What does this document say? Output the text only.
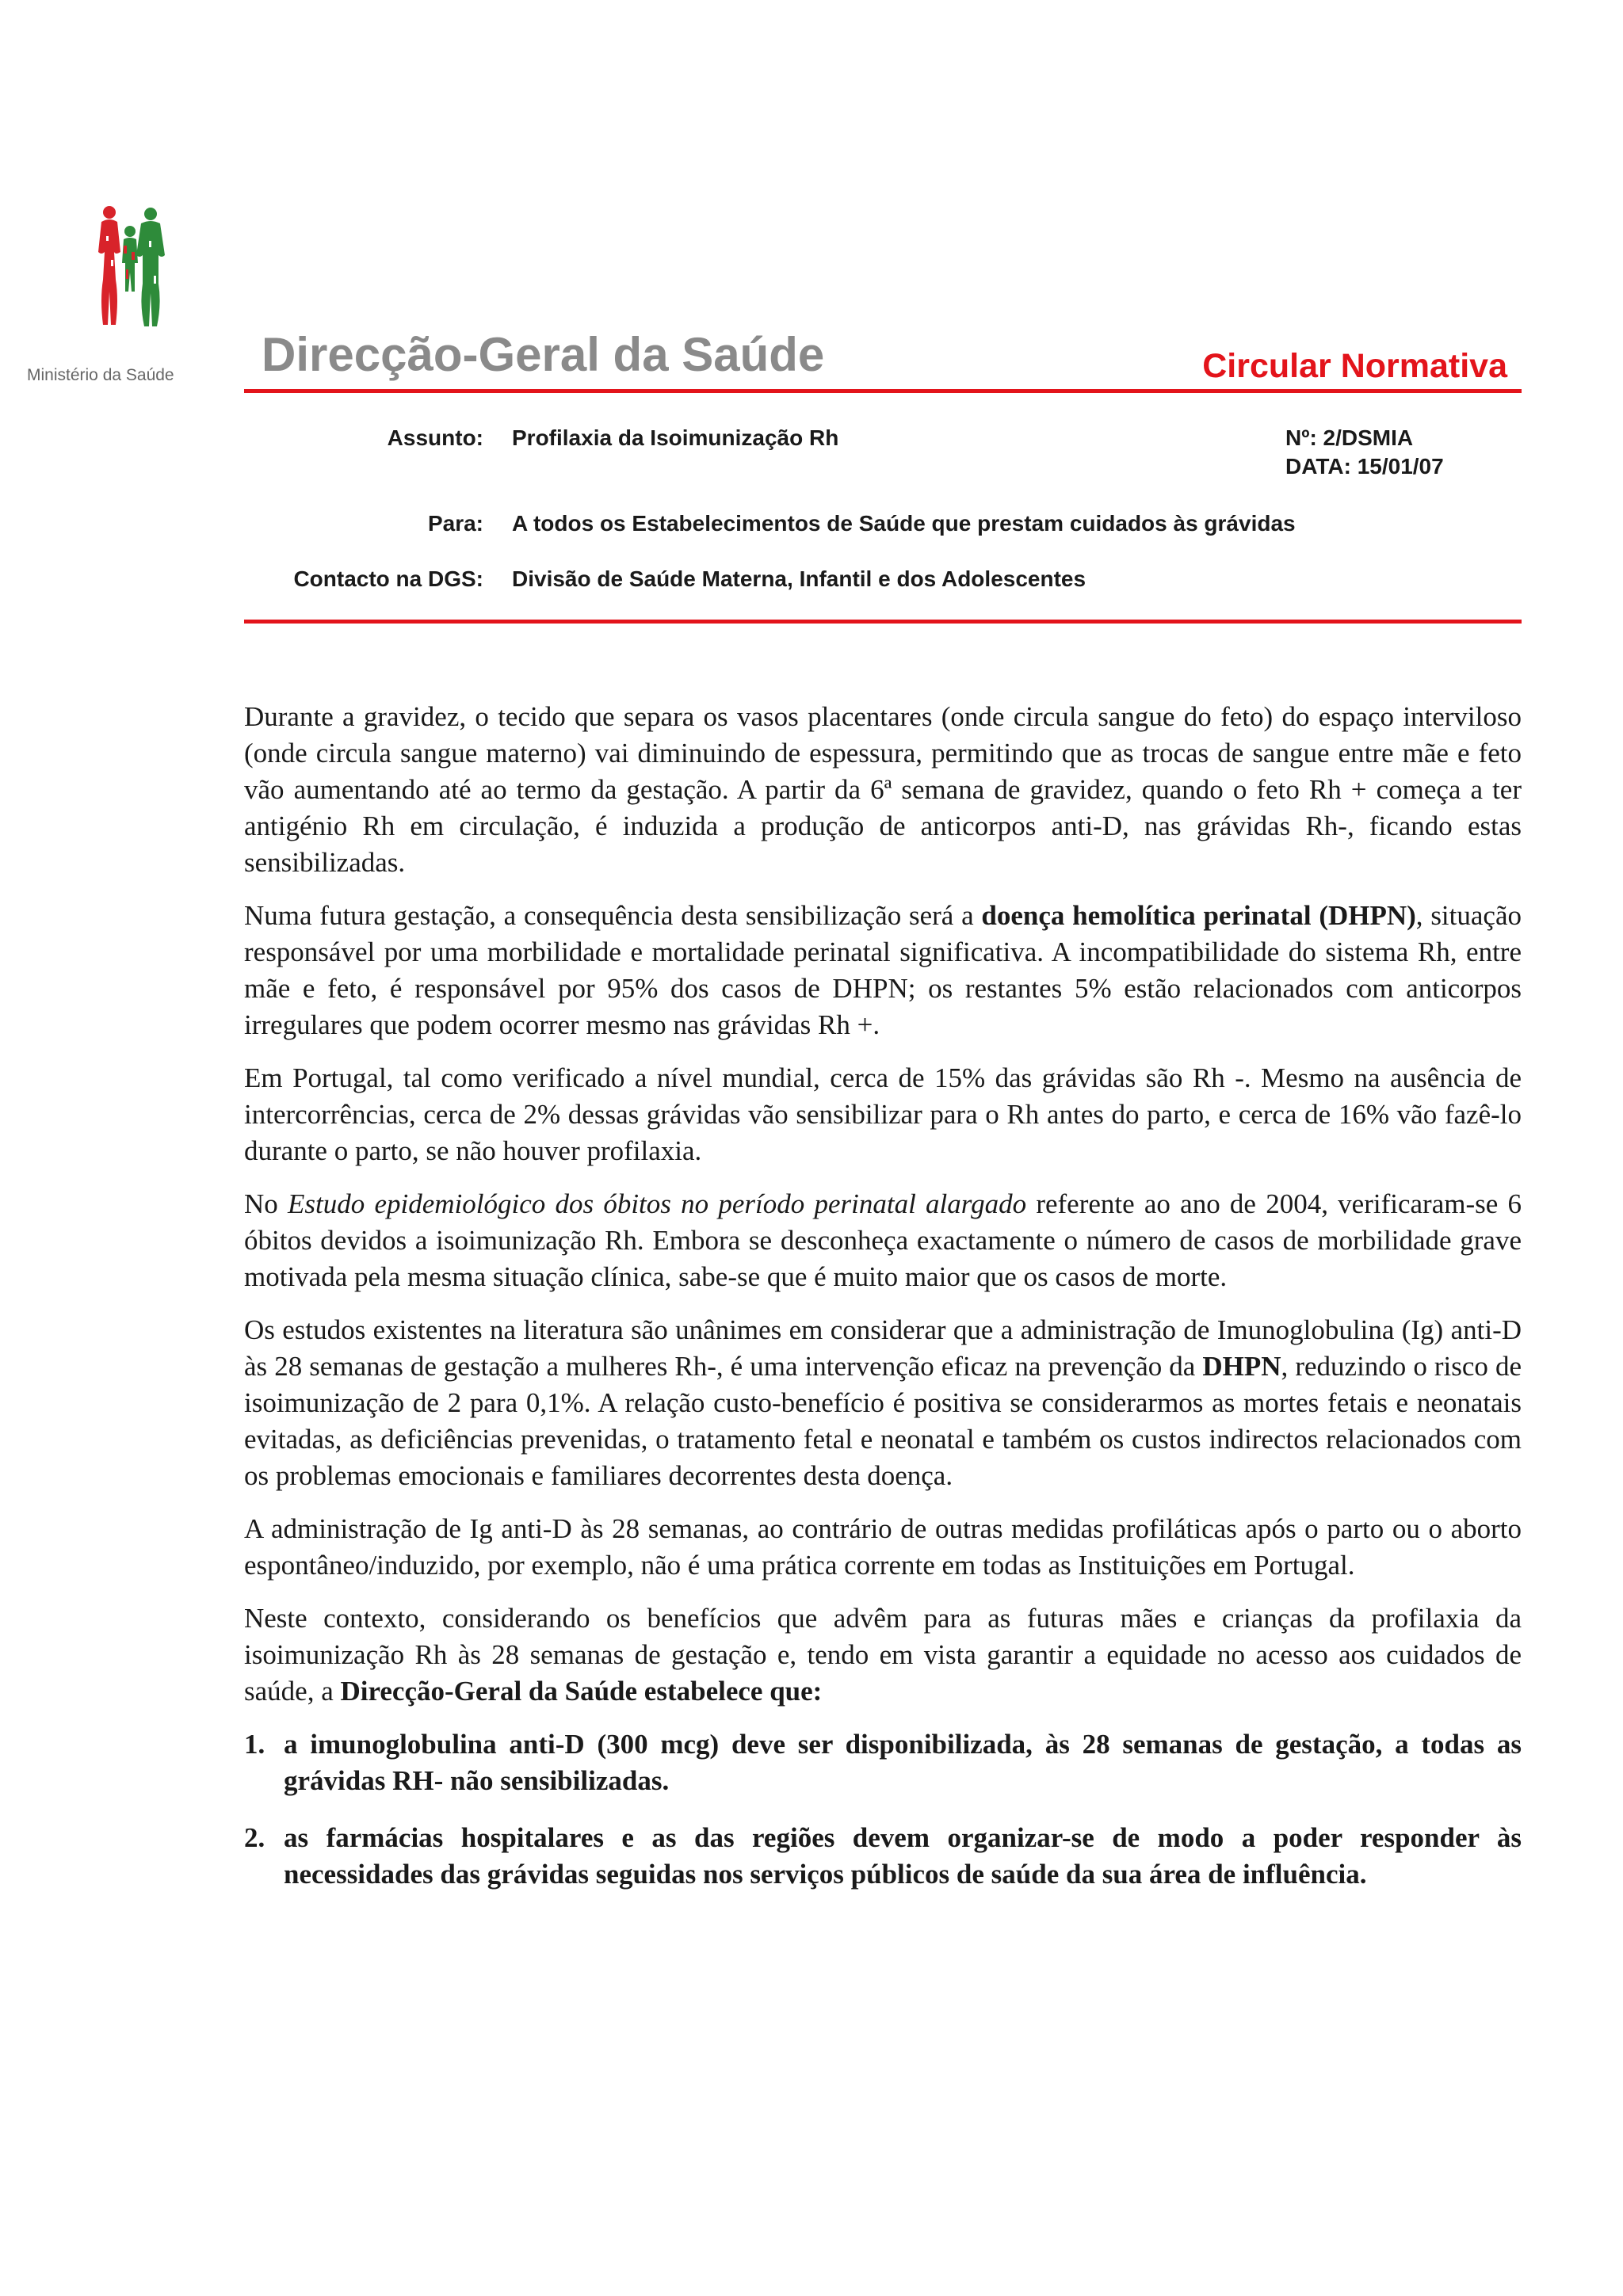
Ministério da Saúde Direcção-Geral da Saúde	Circular Normativa
Assunto: Profilaxia da Isoimunização Rh	Nº: 2/DSMIA
DATA: 15/01/07
Para: A todos os Estabelecimentos de Saúde que prestam cuidados às grávidas
Contacto na DGS: Divisão de Saúde Materna, Infantil e dos Adolescentes

Durante a gravidez, o tecido que separa os vasos placentares (onde circula sangue do feto) do espaço interviloso (onde circula sangue materno) vai diminuindo de espessura, permitindo que as trocas de sangue entre mãe e feto vão aumentando até ao termo da gestação. A partir da 6ª semana de gravidez, quando o feto Rh + começa a ter antigénio Rh em circulação, é induzida a produção de anticorpos anti-D, nas grávidas Rh-, ficando estas sensibilizadas.

Numa futura gestação, a consequência desta sensibilização será a doença hemolítica perinatal (DHPN), situação responsável por uma morbilidade e mortalidade perinatal significativa. A incompatibilidade do sistema Rh, entre mãe e feto, é responsável por 95% dos casos de DHPN; os restantes 5% estão relacionados com anticorpos irregulares que podem ocorrer mesmo nas grávidas Rh +.

Em Portugal, tal como verificado a nível mundial, cerca de 15% das grávidas são Rh -. Mesmo na ausência de intercorrências, cerca de 2% dessas grávidas vão sensibilizar para o Rh antes do parto, e cerca de 16% vão fazê-lo durante o parto, se não houver profilaxia.

No Estudo epidemiológico dos óbitos no período perinatal alargado referente ao ano de 2004, verificaram-se 6 óbitos devidos a isoimunização Rh. Embora se desconheça exactamente o número de casos de morbilidade grave motivada pela mesma situação clínica, sabe-se que é muito maior que os casos de morte.

Os estudos existentes na literatura são unânimes em considerar que a administração de Imunoglobulina (Ig) anti-D às 28 semanas de gestação a mulheres Rh-, é uma intervenção eficaz na prevenção da DHPN, reduzindo o risco de isoimunização de 2 para 0,1%. A relação custo-benefício é positiva se considerarmos as mortes fetais e neonatais evitadas, as deficiências prevenidas, o tratamento fetal e neonatal e também os custos indirectos relacionados com os problemas emocionais e familiares decorrentes desta doença.

A administração de Ig anti-D às 28 semanas, ao contrário de outras medidas profiláticas após o parto ou o aborto espontâneo/induzido, por exemplo, não é uma prática corrente em todas as Instituições em Portugal.

Neste contexto, considerando os benefícios que advêm para as futuras mães e crianças da profilaxia da isoimunização Rh às 28 semanas de gestação e, tendo em vista garantir a equidade no acesso aos cuidados de saúde, a Direcção-Geral da Saúde estabelece que:

1. a imunoglobulina anti-D (300 mcg) deve ser disponibilizada, às 28 semanas de gestação, a todas as grávidas RH- não sensibilizadas.
2. as farmácias hospitalares e as das regiões devem organizar-se de modo a poder responder às necessidades das grávidas seguidas nos serviços públicos de saúde da sua área de influência.
